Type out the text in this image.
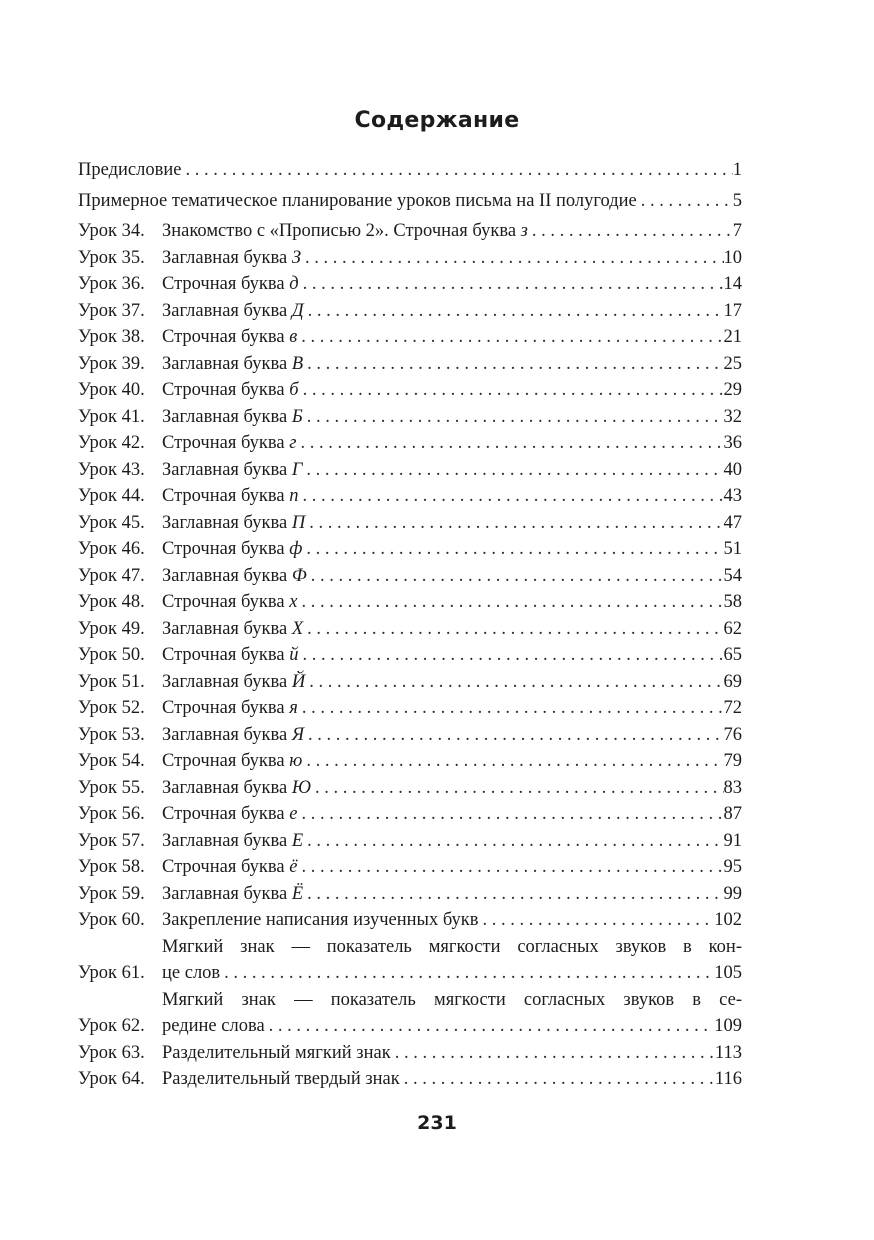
Содержание
Предисловие . . .	1
Примерное тематическое планирование уроков письма на II полугодие . . .	5
Урок 34. Знакомство с «Прописью 2». Строчная буква з . . .	7
Урок 35. Заглавная буква З . . .	10
Урок 36. Строчная буква д . . .	14
Урок 37. Заглавная буква Д . . .	17
Урок 38. Строчная буква в . . .	21
Урок 39. Заглавная буква В . . .	25
Урок 40. Строчная буква б . . .	29
Урок 41. Заглавная буква Б . . .	32
Урок 42. Строчная буква г . . .	36
Урок 43. Заглавная буква Г . . .	40
Урок 44. Строчная буква п . . .	43
Урок 45. Заглавная буква П . . .	47
Урок 46. Строчная буква ф . . .	51
Урок 47. Заглавная буква Ф . . .	54
Урок 48. Строчная буква х . . .	58
Урок 49. Заглавная буква Х . . .	62
Урок 50. Строчная буква й . . .	65
Урок 51. Заглавная буква Й . . .	69
Урок 52. Строчная буква я . . .	72
Урок 53. Заглавная буква Я . . .	76
Урок 54. Строчная буква ю . . .	79
Урок 55. Заглавная буква Ю . . .	83
Урок 56. Строчная буква е . . .	87
Урок 57. Заглавная буква Е . . .	91
Урок 58. Строчная буква ё . . .	95
Урок 59. Заглавная буква Ё . . .	99
Урок 60. Закрепление написания изученных букв . . .	102
Урок 61.
Мягкий знак — показатель мягкости согласных звуков в кон-
це слов . . .	105
Урок 62.
Мягкий знак — показатель мягкости согласных звуков в се-
редине слова . . .	109
Урок 63. Разделительный мягкий знак . . .	113
Урок 64. Разделительный твердый знак . . .	116
231
